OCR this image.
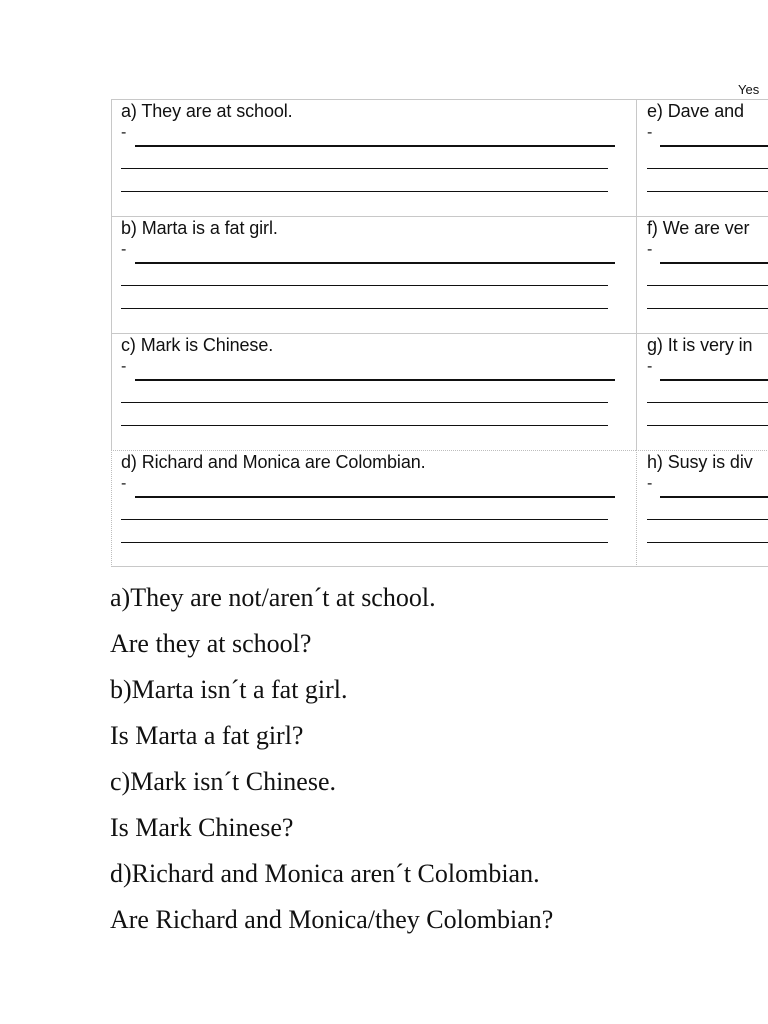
Yes
a) They are at school.
-
b) Marta is a fat girl.
-
c) Mark is Chinese.
-
d) Richard and Monica are Colombian.
-
e) Dave and
-
f) We are ver
-
g) It is very in
-
h) Susy is div
-
a)They are not/aren´t at school.
Are they at school?
b)Marta isn´t a fat girl.
Is Marta a fat girl?
c)Mark isn´t Chinese.
Is Mark Chinese?
d)Richard and Monica aren´t Colombian.
Are Richard and Monica/they Colombian?
